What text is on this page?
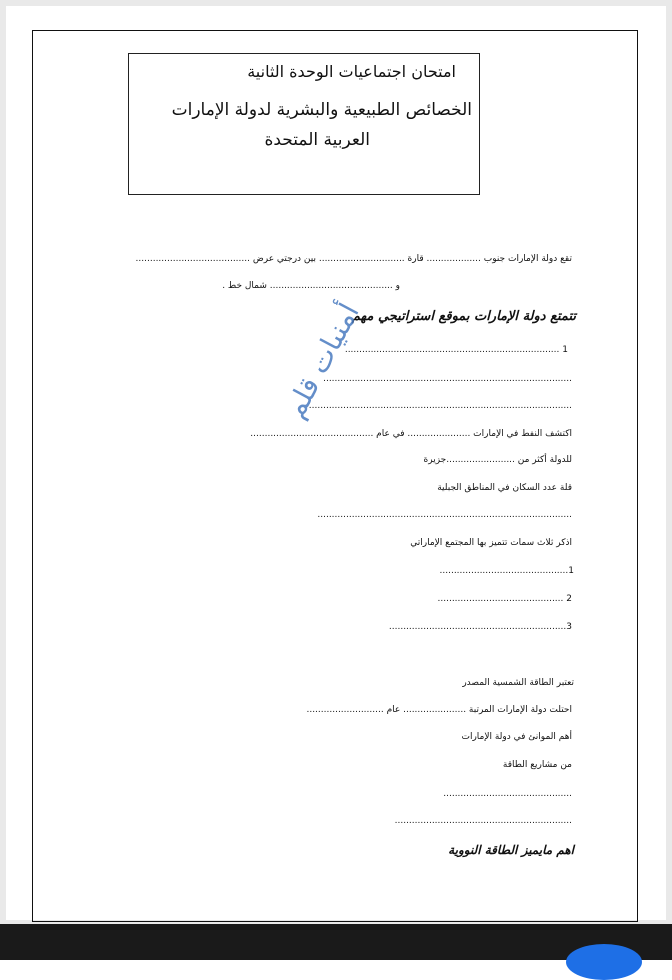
امتحان اجتماعيات الوحدة الثانية
الخصائص الطبيعية والبشرية لدولة الإمارات
العربية المتحدة
تقع دولة الإمارات جنوب ................... قارة .............................. بين درجتي عرض ........................................
و ........................................... شمال خط .
تتمتع دولة الإمارات بموقع استراتيجي مهم
1 ...........................................................................
.......................................................................................
............................................................................................
اكتشف النفط في الإمارات ...................... في عام ...........................................
للدولة أكثر من ........................جزيرة
قلة عدد السكان في المناطق الجبلية
.........................................................................................
أمنيات قلم
اذكر ثلاث سمات تتميز بها المجتمع الإماراتي
1.............................................
2 ............................................
3..............................................................
تعتبر الطاقة الشمسية المصدر
احتلت دولة الإمارات المرتبة ...................... عام ...........................
أهم الموانئ في دولة الإمارات
من مشاريع الطاقة
.............................................
..............................................................
اهم مايميز الطاقة النووية
